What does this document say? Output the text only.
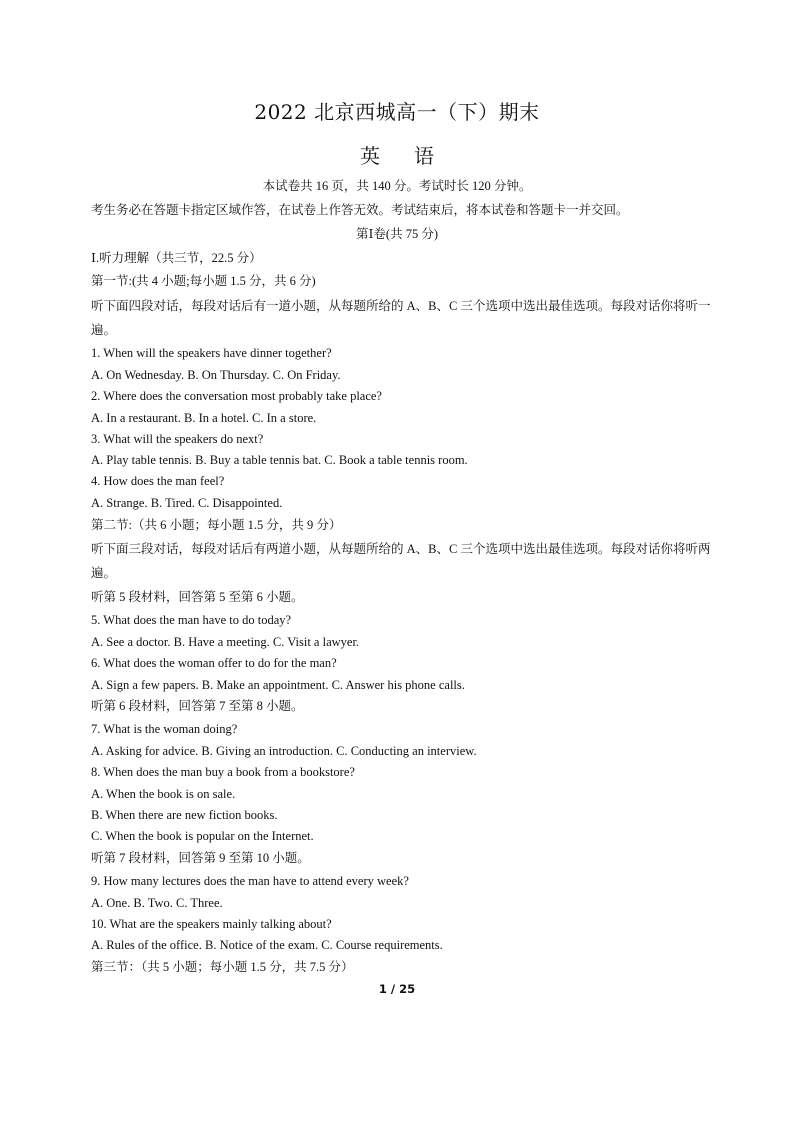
2022 北京西城高一（下）期末
英语
本试卷共 16 页，共 140 分。考试时长 120 分钟。
考生务必在答题卡指定区域作答，在试卷上作答无效。考试结束后，将本试卷和答题卡一并交回。
第Ⅰ卷(共 75 分)
Ⅰ.听力理解（共三节，22.5 分）
第一节:(共 4 小题;每小题 1.5 分，共 6 分)
听下面四段对话，每段对话后有一道小题，从每题所给的 A、B、C 三个选项中选出最佳选项。每段对话你将听一
遍。
1. When will the speakers have dinner together?
A. On Wednesday. B. On Thursday. C. On Friday.
2. Where does the conversation most probably take place?
A. In a restaurant. B. In a hotel. C. In a store.
3. What will the speakers do next?
A. Play table tennis. B. Buy a table tennis bat. C. Book a table tennis room.
4. How does the man feel?
A. Strange. B. Tired. C. Disappointed.
第二节:（共 6 小题；每小题 1.5 分，共 9 分）
听下面三段对话，每段对话后有两道小题，从每题所给的 A、B、C 三个选项中选出最佳选项。每段对话你将听两
遍。
听第 5 段材料，回答第 5 至第 6 小题。
5. What does the man have to do today?
A. See a doctor. B. Have a meeting. C. Visit a lawyer.
6. What does the woman offer to do for the man?
A. Sign a few papers. B. Make an appointment. C. Answer his phone calls.
听第 6 段材料，回答第 7 至第 8 小题。
7. What is the woman doing?
A. Asking for advice. B. Giving an introduction. C. Conducting an interview.
8. When does the man buy a book from a bookstore?
A. When the book is on sale.
B. When there are new fiction books.
C. When the book is popular on the Internet.
听第 7 段材料，回答第 9 至第 10 小题。
9. How many lectures does the man have to attend every week?
A. One. B. Two. C. Three.
10. What are the speakers mainly talking about?
A. Rules of the office. B. Notice of the exam. C. Course requirements.
第三节：（共 5 小题；每小题 1.5 分，共 7.5 分）
1 / 25
